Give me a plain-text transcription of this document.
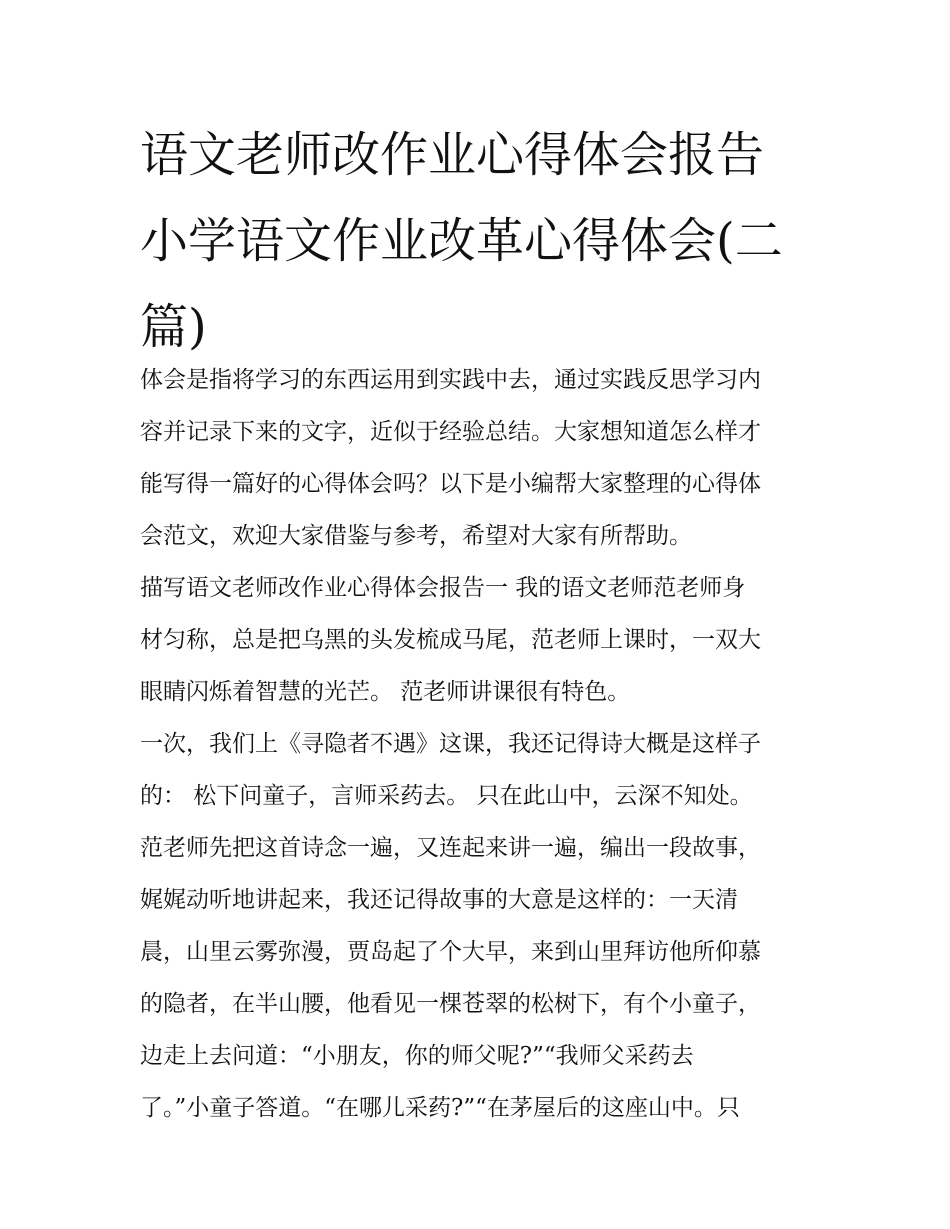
语文老师改作业心得体会报告
小学语文作业改革心得体会(二
篇)
体会是指将学习的东西运用到实践中去，通过实践反思学习内
容并记录下来的文字，近似于经验总结。大家想知道怎么样才
能写得一篇好的心得体会吗？以下是小编帮大家整理的心得体
会范文，欢迎大家借鉴与参考，希望对大家有所帮助。
描写语文老师改作业心得体会报告一 我的语文老师范老师身
材匀称，总是把乌黑的头发梳成马尾，范老师上课时，一双大
眼睛闪烁着智慧的光芒。 范老师讲课很有特色。
一次，我们上《寻隐者不遇》这课，我还记得诗大概是这样子
的： 松下问童子，言师采药去。 只在此山中，云深不知处。
范老师先把这首诗念一遍，又连起来讲一遍，编出一段故事，
娓娓动听地讲起来，我还记得故事的大意是这样的：一天清
晨，山里云雾弥漫，贾岛起了个大早，来到山里拜访他所仰慕
的隐者，在半山腰，他看见一棵苍翠的松树下，有个小童子，
边走上去问道：“小朋友，你的师父呢?”“我师父采药去
了。”小童子答道。“在哪儿采药?”“在茅屋后的这座山中。只
